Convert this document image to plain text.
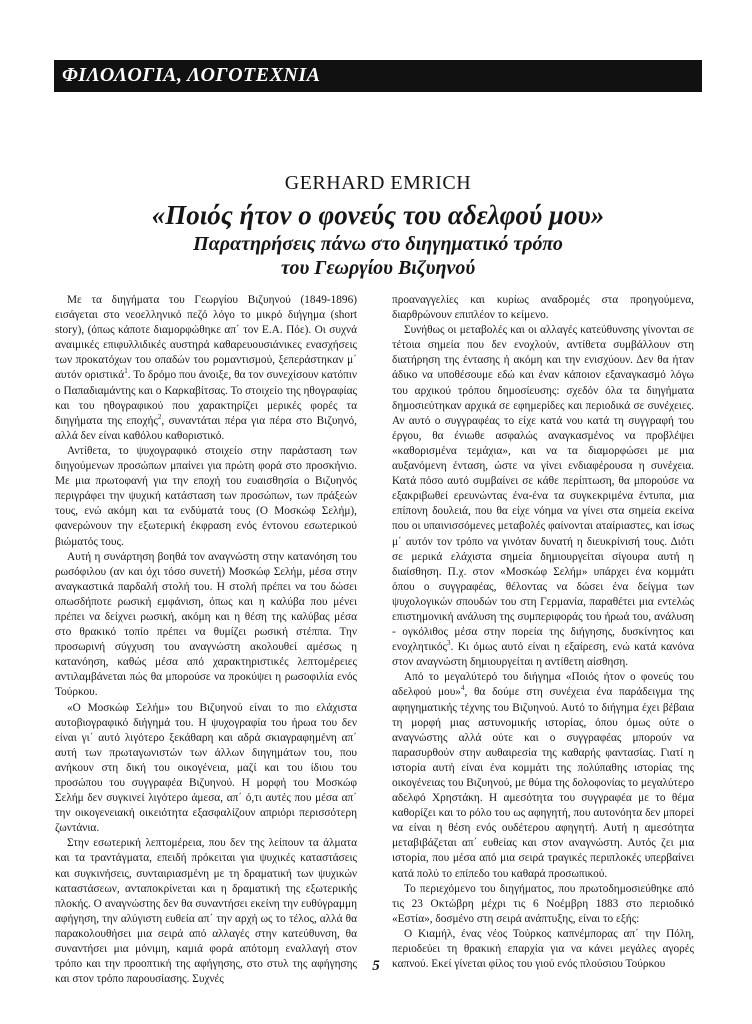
ΦΙΛΟΛΟΓΙΑ, ΛΟΓΟΤΕΧΝΙΑ
GERHARD EMRICH
«Ποιός ήτον ο φονεύς του αδελφού μου»
Παρατηρήσεις πάνω στο διηγηματικό τρόπο
του Γεωργίου Βιζυηνού

Με τα διηγήματα του Γεωργίου Βιζυηνού (1849-1896) εισάγεται στο νεοελληνικό πεζό λόγο το μικρό διήγημα (short story), (όπως κάποτε διαμορφώθηκε απ΄ τον Ε.Α. Πόε). Οι συχνά αναιμικές επιφυλλιδικές αυστηρά καθαρευουσιάνικες ενασχήσεις των προκατόχων του οπαδών του ρομαντισμού, ξεπεράστηκαν μ΄ αυτόν οριστικά$^1$. Το δρόμο που άνοιξε, θα τον συνεχίσουν κατόπιν ο Παπαδιαμάντης και ο Καρκαβίτσας. Το στοιχείο της ηθογραφίας και του ηθογραφικού που χαρακτηρίζει μερικές φορές τα διηγήματα της εποχής$^2$, συναντάται πέρα για πέρα στο Βιζυηνό, αλλά δεν είναι καθόλου καθοριστικό.

Αντίθετα, το ψυχογραφικό στοιχείο στην παράσταση των διηγούμενων προσώπων μπαίνει για πρώτη φορά στο προσκήνιο. Με μια πρωτοφανή για την εποχή του ευαισθησία ο Βιζυηνός περιγράφει την ψυχική κατάσταση των προσώπων, των πράξεών τους, ενώ ακόμη και τα ενδύματά τους (Ο Μοσκώφ Σελήμ), φανερώνουν την εξωτερική έκφραση ενός έντονου εσωτερικού βιώματός τους.

Αυτή η συνάρτηση βοηθά τον αναγνώστη στην κατανόηση του ρωσόφιλου (αν και όχι τόσο συνετή) Μοσκώφ Σελήμ, μέσα στην αναγκαστικά παρδαλή στολή του. Η στολή πρέπει να του δώσει οπωσδήποτε ρωσική εμφάνιση, όπως και η καλύβα που μένει πρέπει να δείχνει ρωσική, ακόμη και η θέση της καλύβας μέσα στο θρακικό τοπίο πρέπει να θυμίζει ρωσική στέππα. Την προσωρινή σύγχυση του αναγνώστη ακολουθεί αμέσως η κατανόηση, καθώς μέσα από χαρακτηριστικές λεπτομέρειες αντιλαμβάνεται πώς θα μπορούσε να προκύψει η ρωσοφιλία ενός Τούρκου.

«Ο Μοσκώφ Σελήμ» του Βιζυηνού είναι το πιο ελάχιστα αυτοβιογραφικό διήγημά του. Η ψυχογραφία του ήρωα του δεν είναι γι΄ αυτό λιγότερο ξεκάθαρη και αδρά σκιαγραφημένη απ΄ αυτή των πρωταγωνιστών των άλλων διηγημάτων του, που ανήκουν στη δική του οικογένεια, μαζί και του ίδιου του προσώπου του συγγραφέα Βιζυηνού. Η μορφή του Μοσκώφ Σελήμ δεν συγκινεί λιγότερο άμεσα, απ΄ ό,τι αυτές που μέσα απ΄ την οικογενειακή οικειότητα εξασφαλίζουν απριόρι περισσότερη ζωντάνια.

Στην εσωτερική λεπτομέρεια, που δεν της λείπουν τα άλματα και τα τραντάγματα, επειδή πρόκειται για ψυχικές καταστάσεις και συγκινήσεις, συνταιριασμένη με τη δραματική των ψυχικών καταστάσεων, ανταποκρίνεται και η δραματική της εξωτερικής πλοκής. Ο αναγνώστης δεν θα συναντήσει εκείνη την ευθύγραμμη αφήγηση, την αλύγιστη ευθεία απ΄ την αρχή ως το τέλος, αλλά θα παρακολουθήσει μια σειρά από αλλαγές στην κατεύθυνση, θα συναντήσει μια μόνιμη, καμιά φορά απότομη εναλλαγή στον τρόπο και την προοπτική της αφήγησης, στο στυλ της αφήγησης και στον τρόπο παρουσίασης. Συχνές

προαναγγελίες και κυρίως αναδρομές στα προηγούμενα, διαρθρώνουν επιπλέον το κείμενο.

Συνήθως οι μεταβολές και οι αλλαγές κατεύθυνσης γίνονται σε τέτοια σημεία που δεν ενοχλούν, αντίθετα συμβάλλουν στη διατήρηση της έντασης ή ακόμη και την ενισχύουν. Δεν θα ήταν άδικο να υποθέσουμε εδώ και έναν κάποιον εξαναγκασμό λόγω του αρχικού τρόπου δημοσίευσης: σχεδόν όλα τα διηγήματα δημοσιεύτηκαν αρχικά σε εφημερίδες και περιοδικά σε συνέχειες. Αν αυτό ο συγγραφέας το είχε κατά νου κατά τη συγγραφή του έργου, θα ένιωθε ασφαλώς αναγκασμένος να προβλέψει «καθορισμένα τεμάχια», και να τα διαμορφώσει με μια αυξανόμενη ένταση, ώστε να γίνει ενδιαφέρουσα η συνέχεια. Κατά πόσο αυτό συμβαίνει σε κάθε περίπτωση, θα μπορούσε να εξακριβωθεί ερευνώντας ένα-ένα τα συγκεκριμένα έντυπα, μια επίπονη δουλειά, που θα είχε νόημα να γίνει στα σημεία εκείνα που οι υπαινισσόμενες μεταβολές φαίνονται αταίριαστες, και ίσως μ΄ αυτόν τον τρόπο να γινόταν δυνατή η διευκρίνισή τους. Διότι σε μερικά ελάχιστα σημεία δημιουργείται σίγουρα αυτή η διαίσθηση. Π.χ. στον «Μοσκώφ Σελήμ» υπάρχει ένα κομμάτι όπου ο συγγραφέας, θέλοντας να δώσει ένα δείγμα των ψυχολογικών σπουδών του στη Γερμανία, παραθέτει μια εντελώς επιστημονική ανάλυση της συμπεριφοράς του ήρωά του, ανάλυση - ογκόλιθος μέσα στην πορεία της διήγησης, δυσκίνητος και ενοχλητικός$^3$. Κι όμως αυτό είναι η εξαίρεση, ενώ κατά κανόνα στον αναγνώστη δημιουργείται η αντίθετη αίσθηση.

Από το μεγαλύτερό του διήγημα «Ποιός ήτον ο φονεύς του αδελφού μου»$^4$, θα δούμε στη συνέχεια ένα παράδειγμα της αφηγηματικής τέχνης του Βιζυηνού. Αυτό το διήγημα έχει βέβαια τη μορφή μιας αστυνομικής ιστορίας, όπου όμως ούτε ο αναγνώστης αλλά ούτε και ο συγγραφέας μπορούν να παρασυρθούν στην αυθαιρεσία της καθαρής φαντασίας. Γιατί η ιστορία αυτή είναι ένα κομμάτι της πολύπαθης ιστορίας της οικογένειας του Βιζυηνού, με θύμα της δολοφονίας το μεγαλύτερο αδελφό Χρηστάκη. Η αμεσότητα του συγγραφέα με το θέμα καθορίζει και το ρόλο του ως αφηγητή, που αυτονόητα δεν μπορεί να είναι η θέση ενός ουδέτερου αφηγητή. Αυτή η αμεσότητα μεταβιβάζεται απ΄ ευθείας και στον αναγνώστη. Αυτός ζει μια ιστορία, που μέσα από μια σειρά τραγικές περιπλοκές υπερβαίνει κατά πολύ το επίπεδο του καθαρά προσωπικού.

Το περιεχόμενο του διηγήματος, που πρωτοδημοσιεύθηκε από τις 23 Οκτώβρη μέχρι τις 6 Νοέμβρη 1883 στο περιοδικό «Εστία», δοσμένο στη σειρά ανάπτυξης, είναι το εξής:

Ο Κιαμήλ, ένας νέος Τούρκος καπνέμπορας απ΄ την Πόλη, περιοδεύει τη θρακική επαρχία για να κάνει μεγάλες αγορές καπνού. Εκεί γίνεται φίλος του γιού ενός πλούσιου Τούρκου

5
